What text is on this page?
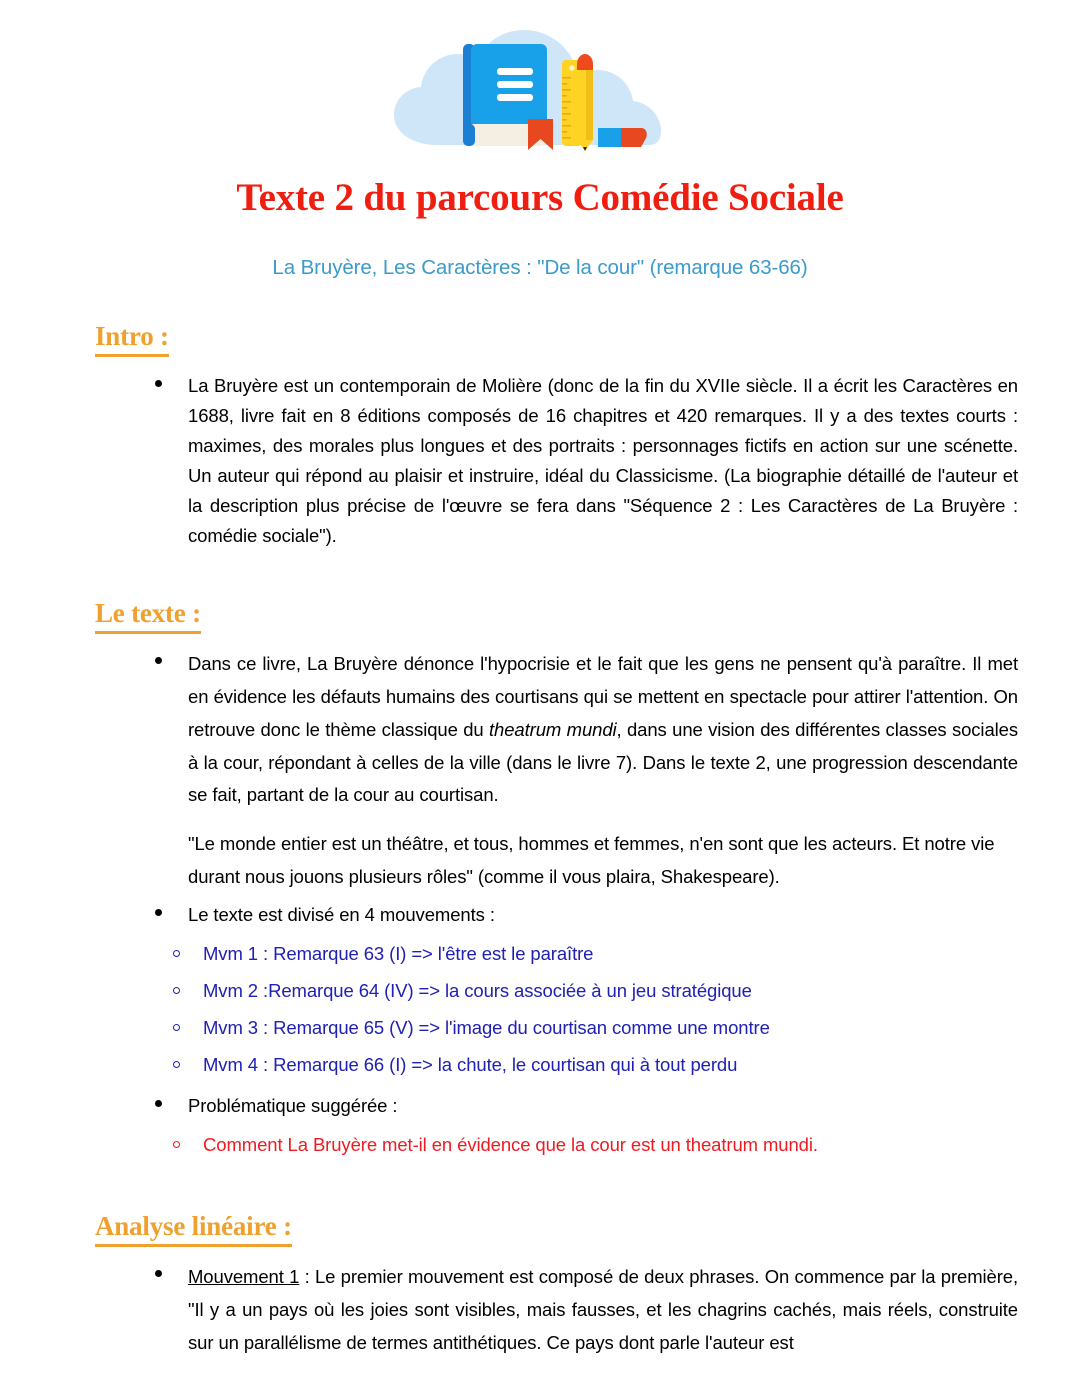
Texte 2 du parcours Comédie Sociale
La Bruyère, Les Caractères : "De la cour" (remarque 63-66)
Intro :

La Bruyère est un contemporain de Molière (donc de la fin du XVIIe siècle. Il a écrit les Caractères en 1688, livre fait en 8 éditions composés de 16 chapitres et 420 remarques. Il y a des textes courts : maximes, des morales plus longues et des portraits : personnages fictifs en action sur une scénette. Un auteur qui répond au plaisir et instruire, idéal du Classicisme. (La biographie détaillé de l'auteur et la description plus précise de l'œuvre se fera dans "Séquence 2 : Les Caractères de La Bruyère : comédie sociale").

Le texte :

Dans ce livre, La Bruyère dénonce l'hypocrisie et le fait que les gens ne pensent qu'à paraître. Il met en évidence les défauts humains des courtisans qui se mettent en spectacle pour attirer l'attention. On retrouve donc le thème classique du theatrum mundi, dans une vision des différentes classes sociales à la cour, répondant à celles de la ville (dans le livre 7). Dans le texte 2, une progression descendante se fait, partant de la cour au courtisan.

"Le monde entier est un théâtre, et tous, hommes et femmes, n'en sont que les acteurs. Et notre vie durant nous jouons plusieurs rôles" (comme il vous plaira, Shakespeare).

Le texte est divisé en 4 mouvements :

Mvm 1 : Remarque 63 (I) => l'être est le paraître
Mvm 2 :Remarque 64 (IV) => la cours associée à un jeu stratégique
Mvm 3 : Remarque 65 (V) => l'image du courtisan comme une montre
Mvm 4 : Remarque 66 (I) => la chute, le courtisan qui à tout perdu

Problématique suggérée :

Comment La Bruyère met-il en évidence que la cour est un theatrum mundi.
Analyse linéaire :

Mouvement 1 : Le premier mouvement est composé de deux phrases. On commence par la première, "Il y a un pays où les joies sont visibles, mais fausses, et les chagrins cachés, mais réels, construite sur un parallélisme de termes antithétiques. Ce pays dont parle l'auteur est
